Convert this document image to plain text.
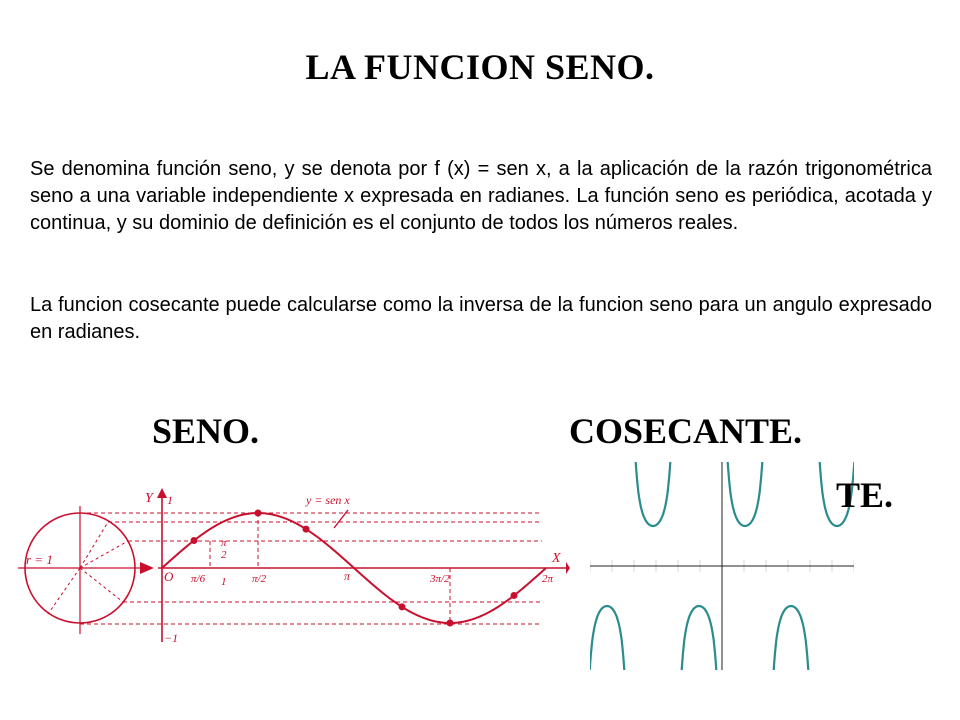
LA FUNCION SENO.

Se denomina función seno, y se denota por f (x) = sen x, a la aplicación de la razón trigonométrica seno a una variable independiente x expresada en radianes. La función seno es periódica, acotada y continua, y su dominio de definición es el conjunto de todos los números reales.

La funcion cosecante puede calcularse como la inversa de la funcion seno para un angulo expresado en radianes.

TE.
SENO.	COSECANTE.
Y
X
r = 1
O
y = sen x
1
−1
π/6
π
2
1 π/2	π	3π/2	2π
